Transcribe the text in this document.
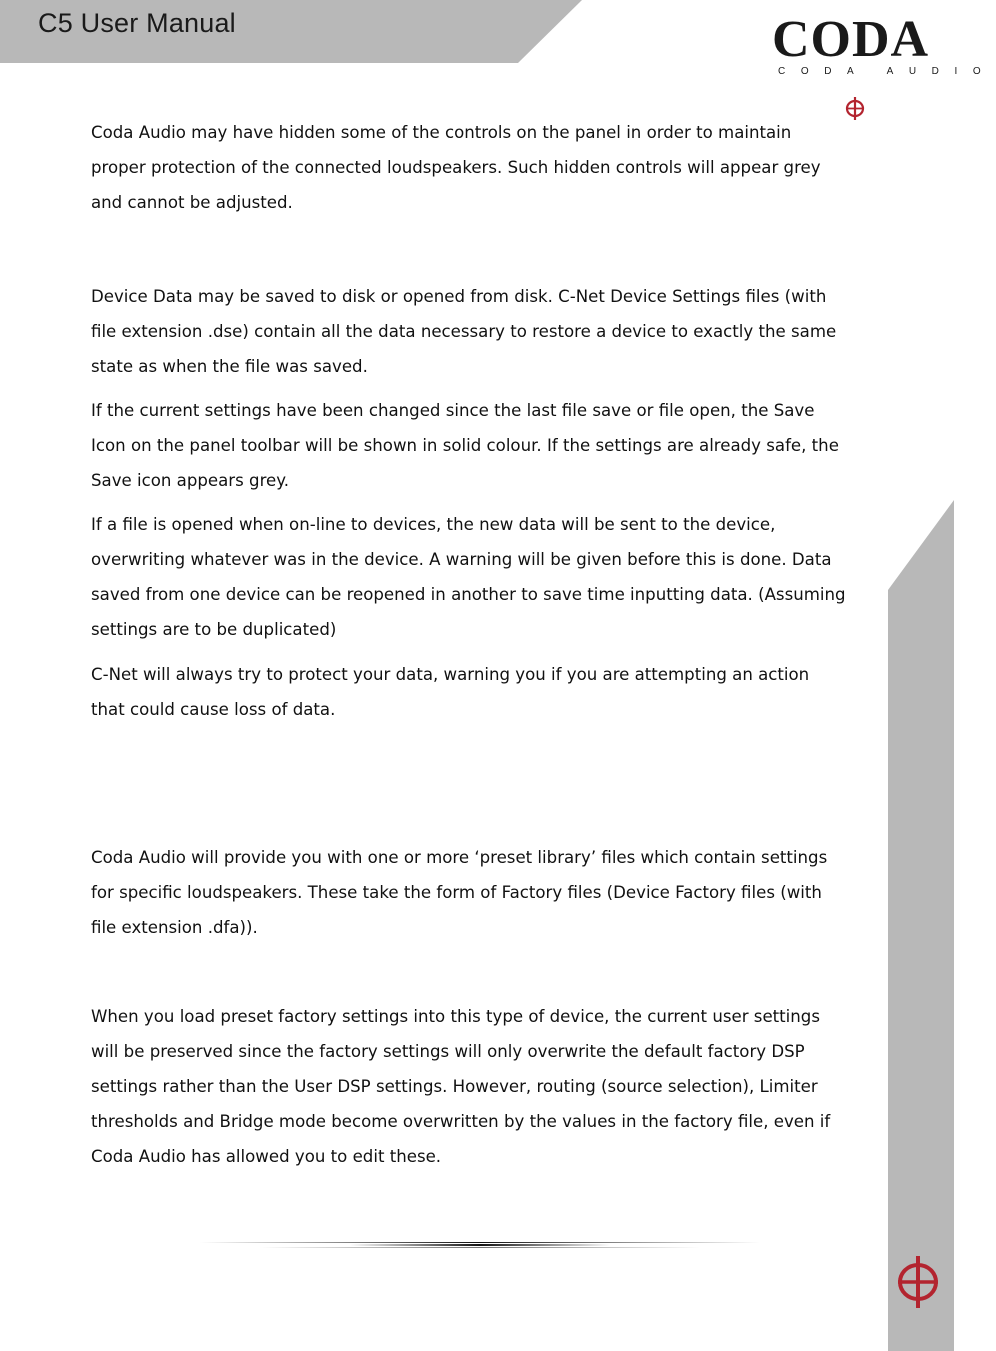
C5 User Manual	CODA
CODA AUDIO

Coda Audio may have hidden some of the controls on the panel in order to maintain
proper protection of the connected loudspeakers. Such hidden controls will appear grey
and cannot be adjusted.

Device Data may be saved to disk or opened from disk. C-Net Device Settings files (with
file extension .dse) contain all the data necessary to restore a device to exactly the same
state as when the file was saved.

If the current settings have been changed since the last file save or file open, the Save
Icon on the panel toolbar will be shown in solid colour. If the settings are already safe, the
Save icon appears grey.

If a file is opened when on-line to devices, the new data will be sent to the device,
overwriting whatever was in the device. A warning will be given before this is done. Data
saved from one device can be reopened in another to save time inputting data. (Assuming
settings are to be duplicated)

C-Net will always try to protect your data, warning you if you are attempting an action
that could cause loss of data.

Coda Audio will provide you with one or more ‘preset library’ files which contain settings
for specific loudspeakers. These take the form of Factory files (Device Factory files (with
file extension .dfa)).

When you load preset factory settings into this type of device, the current user settings
will be preserved since the factory settings will only overwrite the default factory DSP
settings rather than the User DSP settings. However, routing (source selection), Limiter
thresholds and Bridge mode become overwritten by the values in the factory file, even if
Coda Audio has allowed you to edit these.
